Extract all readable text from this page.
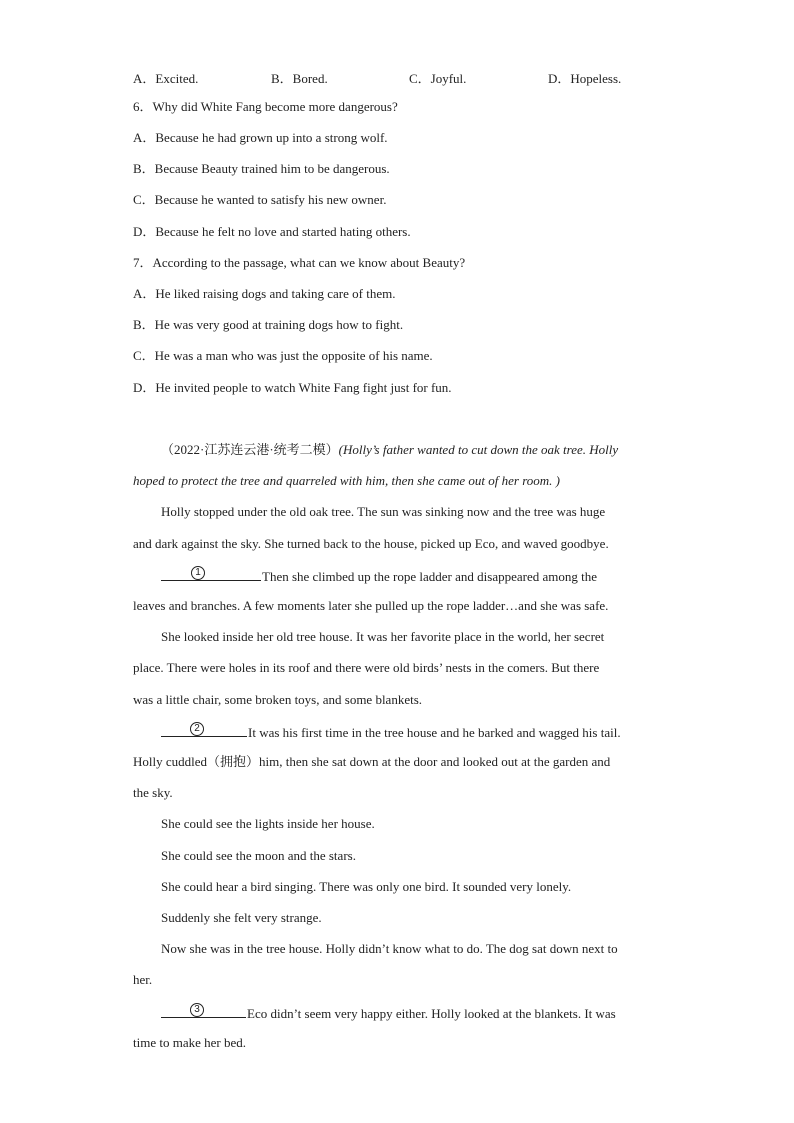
A．Excited.	B．Bored.	C．Joyful.	D．Hopeless.
6．Why did White Fang become more dangerous?
A．Because he had grown up into a strong wolf.
B．Because Beauty trained him to be dangerous.
C．Because he wanted to satisfy his new owner.
D．Because he felt no love and started hating others.
7．According to the passage, what can we know about Beauty?
A．He liked raising dogs and taking care of them.
B．He was very good at training dogs how to fight.
C．He was a man who was just the opposite of his name.
D．He invited people to watch White Fang fight just for fun.
（2022·江苏连云港·统考二模）(Holly’s father wanted to cut down the oak tree. Holly
hoped to protect the tree and quarreled with him, then she came out of her room. )
Holly stopped under the old oak tree. The sun was sinking now and the tree was huge
and dark against the sky. She turned back to the house, picked up Eco, and waved goodbye.
1	Then she climbed up the rope ladder and disappeared among the
leaves and branches. A few moments later she pulled up the rope ladder…and she was safe.
She looked inside her old tree house. It was her favorite place in the world, her secret
place. There were holes in its roof and there were old birds’ nests in the comers. But there
was a little chair, some broken toys, and some blankets.
2	It was his first time in the tree house and he barked and wagged his tail.
Holly cuddled（拥抱）him, then she sat down at the door and looked out at the garden and
the sky.
She could see the lights inside her house.
She could see the moon and the stars.
She could hear a bird singing. There was only one bird. It sounded very lonely.
Suddenly she felt very strange.
Now she was in the tree house. Holly didn’t know what to do. The dog sat down next to
her.
3	Eco didn’t seem very happy either. Holly looked at the blankets. It was
time to make her bed.
